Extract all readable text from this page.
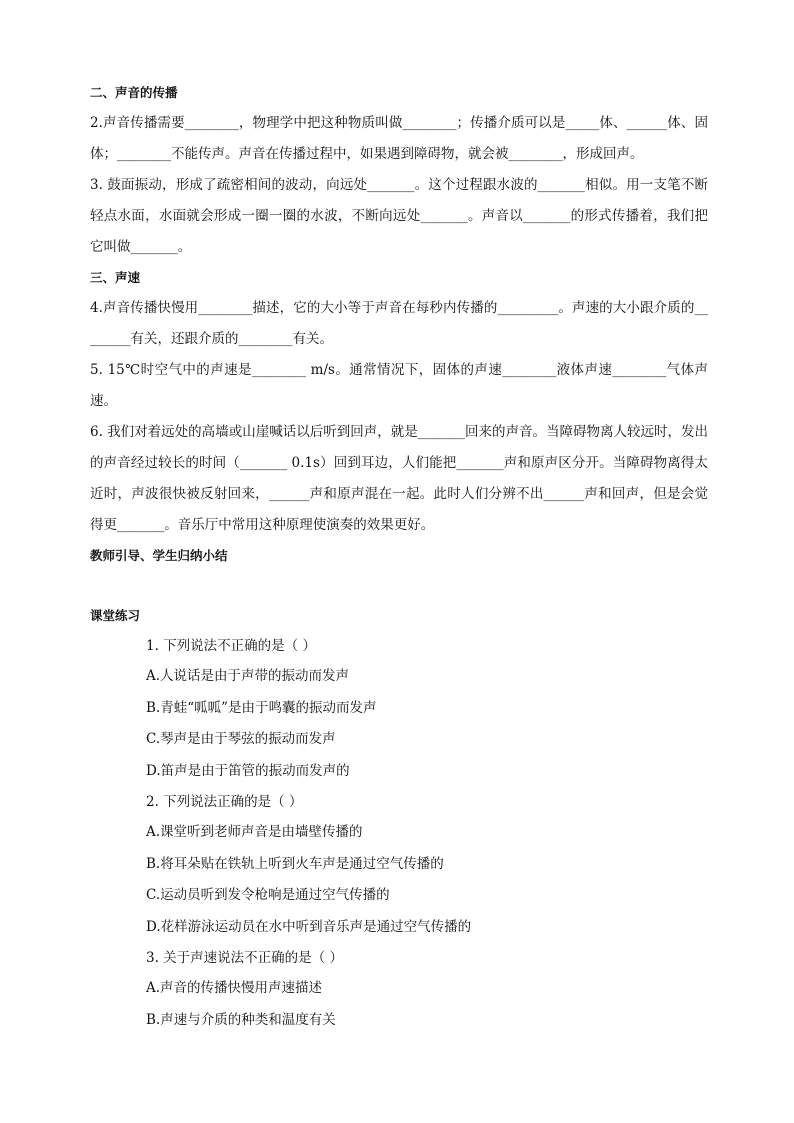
二、声音的传播

2.声音传播需要________，物理学中把这种物质叫做________；传播介质可以是_____体、______体、固体；________不能传声。声音在传播过程中，如果遇到障碍物，就会被________，形成回声。

3. 鼓面振动，形成了疏密相间的波动，向远处_______。这个过程跟水波的_______相似。用一支笔不断轻点水面，水面就会形成一圈一圈的水波，不断向远处_______。声音以_______的形式传播着，我们把它叫做_______。

三、声速

4.声音传播快慢用________描述，它的大小等于声音在每秒内传播的_________。声速的大小跟介质的________有关，还跟介质的________有关。

5. 15℃时空气中的声速是________ m/s。通常情况下，固体的声速________液体声速________气体声速。

6. 我们对着远处的高墙或山崖喊话以后听到回声，就是_______回来的声音。当障碍物离人较远时，发出的声音经过较长的时间（_______ 0.1s）回到耳边，人们能把_______声和原声区分开。当障碍物离得太近时，声波很快被反射回来，______声和原声混在一起。此时人们分辨不出______声和回声，但是会觉得更_______。音乐厅中常用这种原理使演奏的效果更好。

教师引导、学生归纳小结
课堂练习
1. 下列说法不正确的是（ ）
A.人说话是由于声带的振动而发声
B.青蛙“呱呱”是由于鸣囊的振动而发声
C.琴声是由于琴弦的振动而发声
D.笛声是由于笛管的振动而发声的
2. 下列说法正确的是（ ）
A.课堂听到老师声音是由墙壁传播的
B.将耳朵贴在铁轨上听到火车声是通过空气传播的
C.运动员听到发令枪响是通过空气传播的
D.花样游泳运动员在水中听到音乐声是通过空气传播的
3. 关于声速说法不正确的是（ ）
A.声音的传播快慢用声速描述
B.声速与介质的种类和温度有关
